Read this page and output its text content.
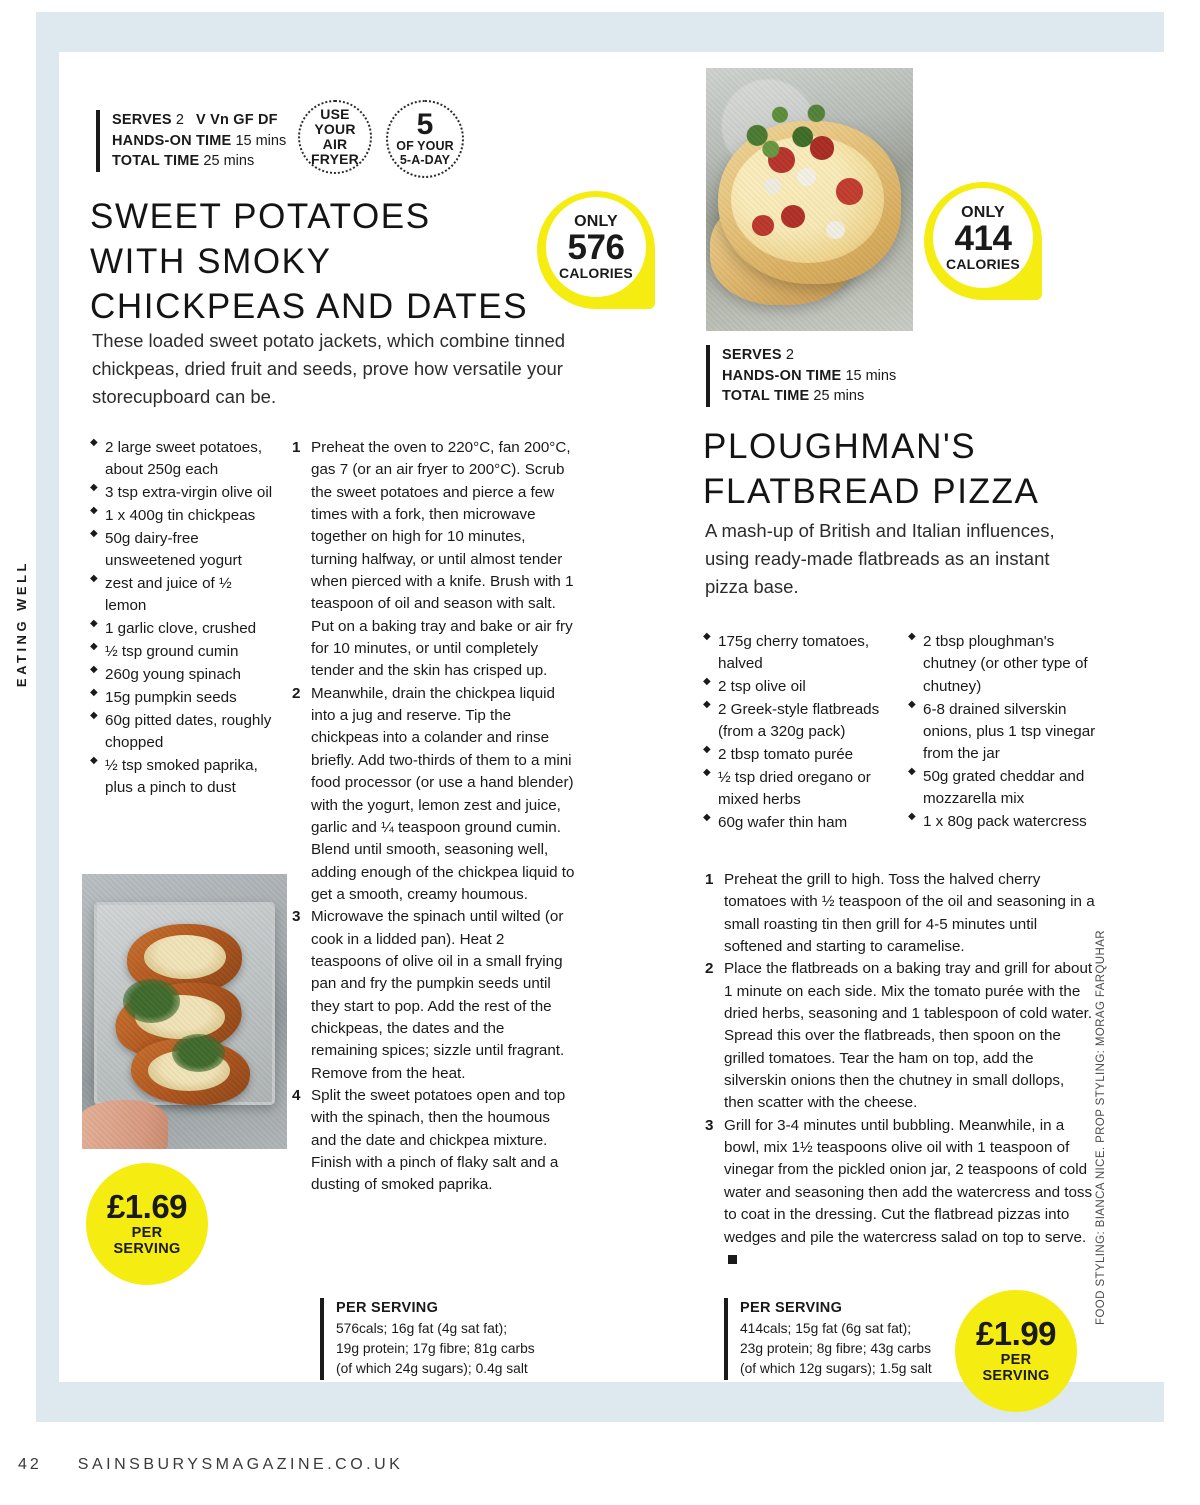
EATING WELL
SERVES 2 V Vn GF DF
HANDS-ON TIME 15 mins
TOTAL TIME 25 mins
USE
YOUR
AIR
FRYER
5
OF YOUR
5-A-DAY
ONLY
576
CALORIES
SWEET POTATOES WITH SMOKY CHICKPEAS AND DATES
These loaded sweet potato jackets, which combine tinned chickpeas, dried fruit and seeds, prove how versatile your storecupboard can be.
◆ 2 large sweet potatoes, about 250g each
◆ 3 tsp extra-virgin olive oil
◆ 1 x 400g tin chickpeas
◆ 50g dairy-free unsweetened yogurt
◆ zest and juice of ½ lemon
◆ 1 garlic clove, crushed
◆ ½ tsp ground cumin
◆ 260g young spinach
◆ 15g pumpkin seeds
◆ 60g pitted dates, roughly chopped
◆ ½ tsp smoked paprika, plus a pinch to dust
1 Preheat the oven to 220°C, fan 200°C, gas 7 (or an air fryer to 200°C). Scrub the sweet potatoes and pierce a few times with a fork, then microwave together on high for 10 minutes, turning halfway, or until almost tender when pierced with a knife. Brush with 1 teaspoon of oil and season with salt. Put on a baking tray and bake or air fry for 10 minutes, or until completely tender and the skin has crisped up.
2 Meanwhile, drain the chickpea liquid into a jug and reserve. Tip the chickpeas into a colander and rinse briefly. Add two-thirds of them to a mini food processor (or use a hand blender) with the yogurt, lemon zest and juice, garlic and ¼ teaspoon ground cumin. Blend until smooth, seasoning well, adding enough of the chickpea liquid to get a smooth, creamy houmous.
3 Microwave the spinach until wilted (or cook in a lidded pan). Heat 2 teaspoons of olive oil in a small frying pan and fry the pumpkin seeds until they start to pop. Add the rest of the chickpeas, the dates and the remaining spices; sizzle until fragrant. Remove from the heat.
4 Split the sweet potatoes open and top with the spinach, then the houmous and the date and chickpea mixture. Finish with a pinch of flaky salt and a dusting of smoked paprika.
£1.69
PER
SERVING
PER SERVING
576cals; 16g fat (4g sat fat);
19g protein; 17g fibre; 81g carbs
(of which 24g sugars); 0.4g salt
ONLY
414
CALORIES
SERVES 2
HANDS-ON TIME 15 mins
TOTAL TIME 25 mins
PLOUGHMAN'S FLATBREAD PIZZA
A mash-up of British and Italian influences, using ready-made flatbreads as an instant pizza base.
◆ 175g cherry tomatoes, halved
◆ 2 tsp olive oil
◆ 2 Greek-style flatbreads (from a 320g pack)
◆ 2 tbsp tomato purée
◆ ½ tsp dried oregano or mixed herbs
◆ 60g wafer thin ham
◆ 2 tbsp ploughman's chutney (or other type of chutney)
◆ 6-8 drained silverskin onions, plus 1 tsp vinegar from the jar
◆ 50g grated cheddar and mozzarella mix
◆ 1 x 80g pack watercress
1 Preheat the grill to high. Toss the halved cherry tomatoes with ½ teaspoon of the oil and seasoning in a small roasting tin then grill for 4-5 minutes until softened and starting to caramelise.
2 Place the flatbreads on a baking tray and grill for about 1 minute on each side. Mix the tomato purée with the dried herbs, seasoning and 1 tablespoon of cold water. Spread this over the flatbreads, then spoon on the grilled tomatoes. Tear the ham on top, add the silverskin onions then the chutney in small dollops, then scatter with the cheese.
3 Grill for 3-4 minutes until bubbling. Meanwhile, in a bowl, mix 1½ teaspoons olive oil with 1 teaspoon of vinegar from the pickled onion jar, 2 teaspoons of cold water and seasoning then add the watercress and toss to coat in the dressing. Cut the flatbread pizzas into wedges and pile the watercress salad on top to serve.
PER SERVING
414cals; 15g fat (6g sat fat);
23g protein; 8g fibre; 43g carbs
(of which 12g sugars); 1.5g salt
£1.99
PER
SERVING
FOOD STYLING: BIANCA NICE. PROP STYLING: MORAG FARQUHAR
42 SAINSBURYSMAGAZINE.CO.UK
